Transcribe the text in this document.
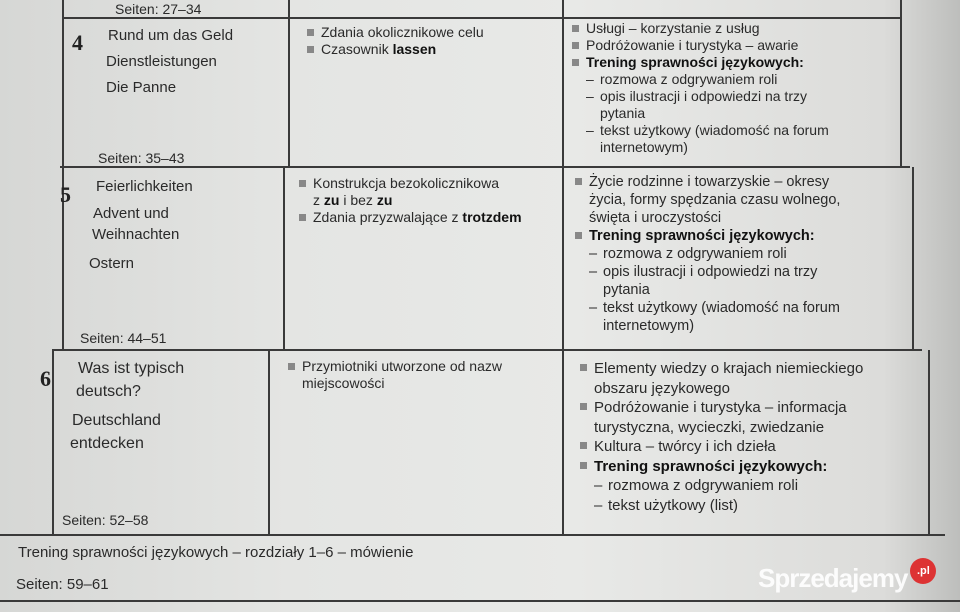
Seiten: 27–34
4 Rund um das Geld
Dienstleistungen
Die Panne
Seiten: 35–43
Zdania okolicznikowe celu
Czasownik lassen
Usługi – korzystanie z usług
Podróżowanie i turystyka – awarie
Trening sprawności językowych:
– rozmowa z odgrywaniem roli
– opis ilustracji i odpowiedzi na trzy
pytania
– tekst użytkowy (wiadomość na forum
internetowym)
5 Feierlichkeiten
Advent und
Weihnachten
Ostern
Seiten: 44–51
Konstrukcja bezokolicznikowa
z zu i bez zu
Zdania przyzwalające z trotzdem
Życie rodzinne i towarzyskie – okresy
życia, formy spędzania czasu wolnego,
święta i uroczystości
Trening sprawności językowych:
– rozmowa z odgrywaniem roli
– opis ilustracji i odpowiedzi na trzy
pytania
– tekst użytkowy (wiadomość na forum
internetowym)
6 Was ist typisch
deutsch?
Deutschland
entdecken
Seiten: 52–58
Przymiotniki utworzone od nazw
miejscowości
Elementy wiedzy o krajach niemieckiego
obszaru językowego
Podróżowanie i turystyka – informacja
turystyczna, wycieczki, zwiedzanie
Kultura – twórcy i ich dzieła
Trening sprawności językowych:
– rozmowa z odgrywaniem roli
– tekst użytkowy (list)
Trening sprawności językowych – rozdziały 1–6 – mówienie
Seiten: 59–61	Sprzedajemy .pl
